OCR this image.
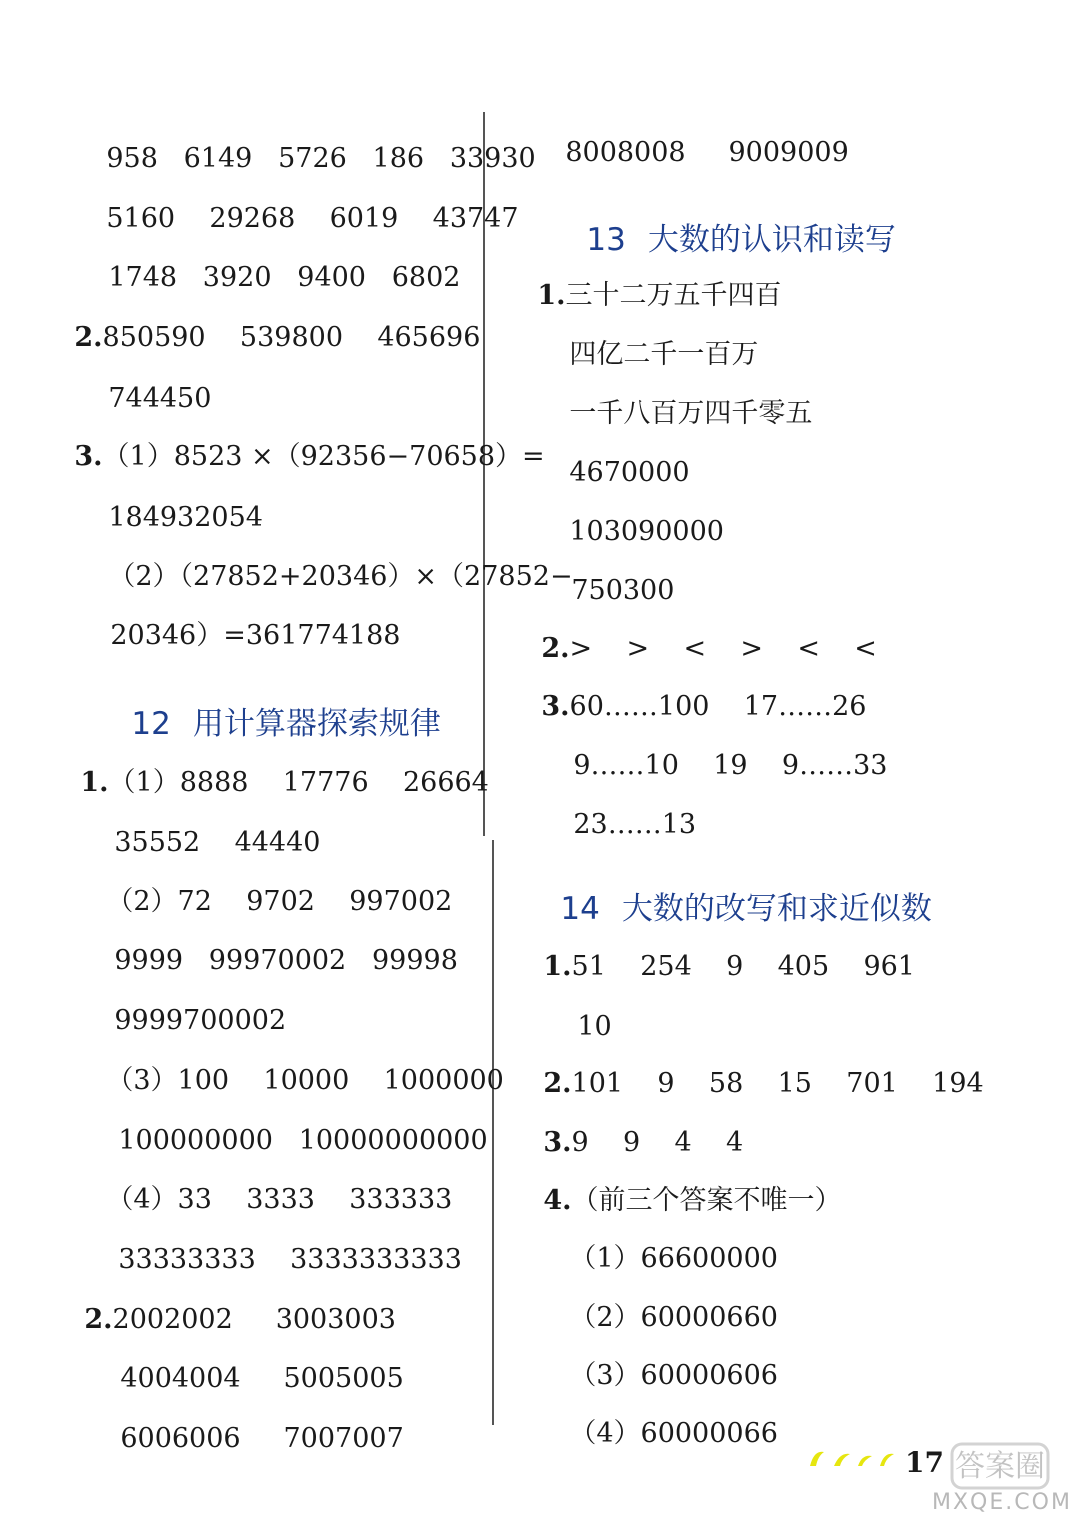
958   6149   5726   186   33930

5160    29268    6019    43747

1748   3920   9400   6802

2.850590    539800    465696

744450

3.（1）8523 ×（92356−70658）=

184932054

（2）（27852+20346）×（27852−

20346）=361774188

12 用计算器探索规律

1.（1）8888    17776    26664

35552    44440

（2）72    9702    997002

9999   99970002   99998

9999700002

（3）100    10000    1000000

100000000   10000000000

（4）33    3333    333333

33333333    3333333333

2.2002002     3003003

4004004     5005005

6006006     7007007

8008008     9009009

13 大数的认识和读写

1.三十二万五千四百

四亿二千一百万

一千八百万四千零五

4670000

103090000

750300

2.>    >    <    >    <    <

3.60……100    17……26

9……10    19    9……33

23……13

14 大数的改写和求近似数

1.51    254    9    405    961

10

2.101    9    58    15    701    194

3.9    9    4    4

4.（前三个答案不唯一）

（1）66600000

（2）60000660

（3）60000606

（4）60000066

17 答案圈
MXQE.COM
